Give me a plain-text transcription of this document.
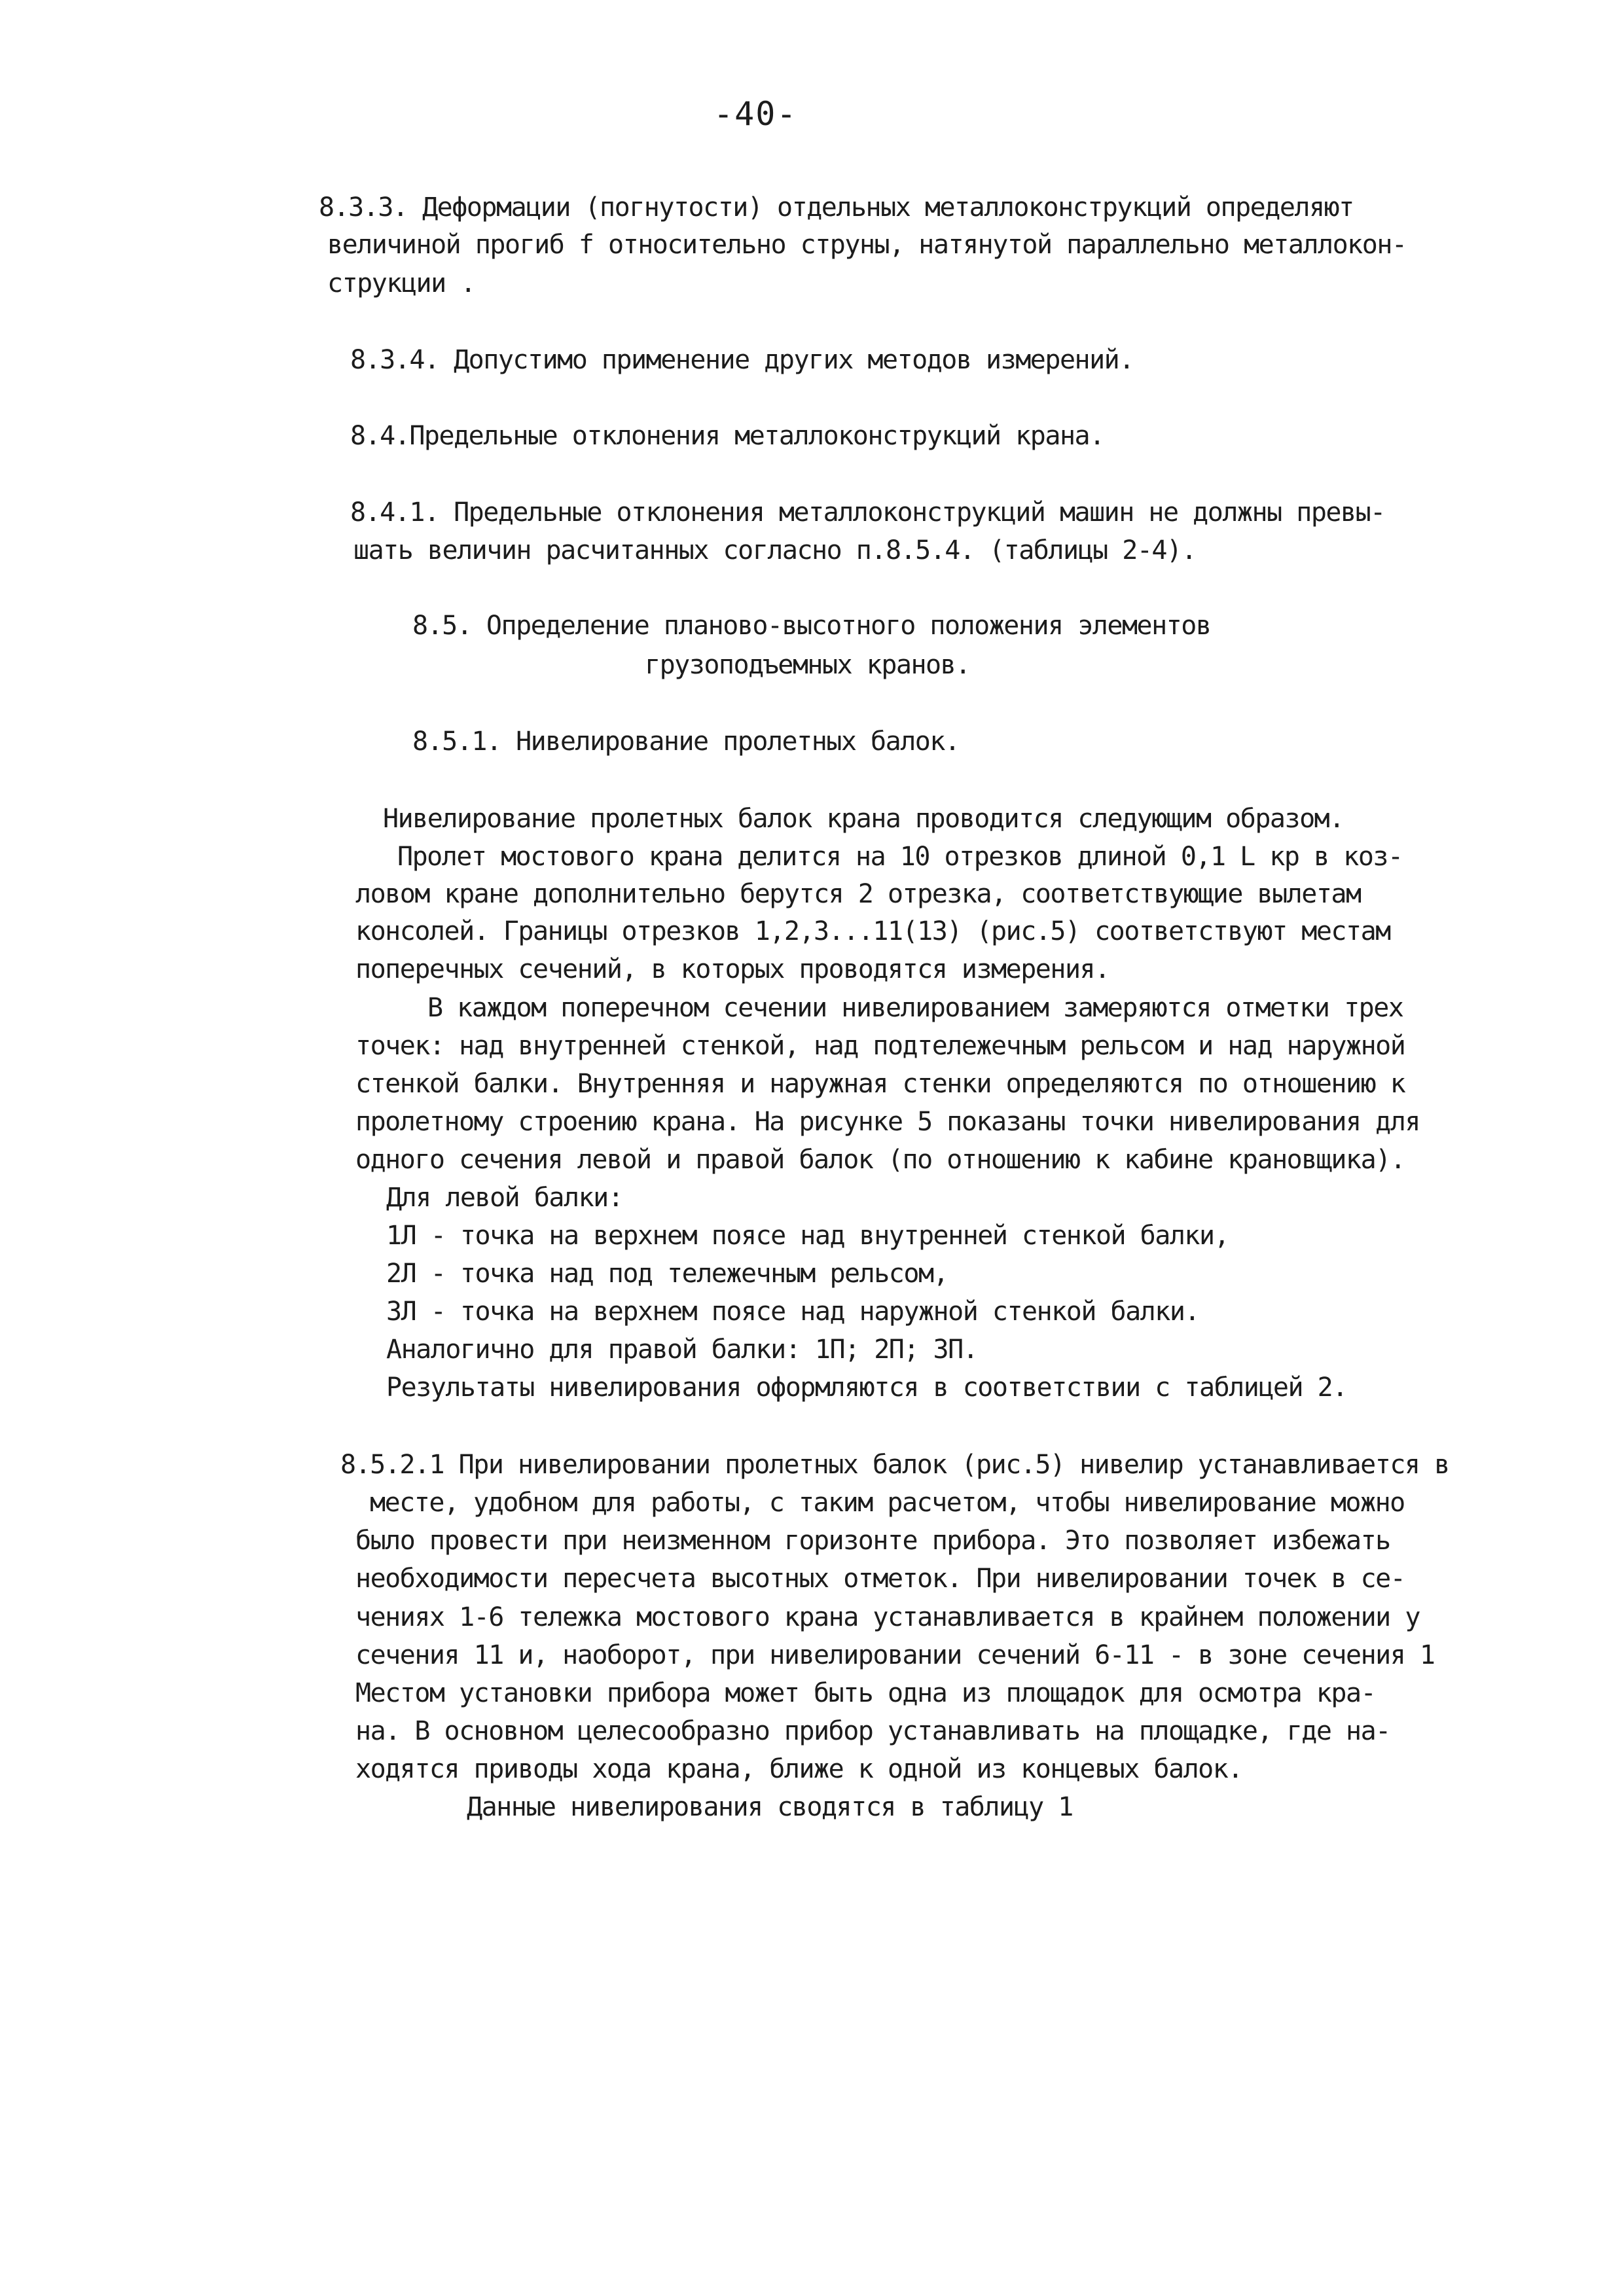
-40-
8.3.3. Деформации (погнутости) отдельных металлоконструкций определяют
величиной прогиб f относительно струны, натянутой параллельно металлокон-
струкции .
8.3.4. Допустимо применение других методов измерений.
8.4.Предельные отклонения металлоконструкций крана.
8.4.1. Предельные отклонения металлоконструкций машин не должны превы-
шать величин расчитанных согласно п.8.5.4. (таблицы 2-4).
8.5. Определение планово-высотного положения элементов
грузоподъемных кранов.
8.5.1. Нивелирование пролетных балок.
Нивелирование пролетных балок крана проводится следующим образом.
Пролет мостового крана делится на 10 отрезков длиной 0,1 L кр в коз-
ловом кране дополнительно берутся 2 отрезка, соответствующие вылетам
консолей. Границы отрезков 1,2,3...11(13) (рис.5) соответствуют местам
поперечных сечений, в которых проводятся измерения.
В каждом поперечном сечении нивелированием замеряются отметки трех
точек: над внутренней стенкой, над подтележечным рельсом и над наружной
стенкой балки. Внутренняя и наружная стенки определяются по отношению к
пролетному строению крана. На рисунке 5 показаны точки нивелирования для
одного сечения левой и правой балок (по отношению к кабине крановщика).
Для левой балки:
1Л - точка на верхнем поясе над внутренней стенкой балки,
2Л - точка над под тележечным рельсом,
3Л - точка на верхнем поясе над наружной стенкой балки.
Аналогично для правой балки: 1П; 2П; 3П.
Результаты нивелирования оформляются в соответствии с таблицей 2.
8.5.2.1 При нивелировании пролетных балок (рис.5) нивелир устанавливается в
месте, удобном для работы, с таким расчетом, чтобы нивелирование можно
было провести при неизменном горизонте прибора. Это позволяет избежать
необходимости пересчета высотных отметок. При нивелировании точек в се-
чениях 1-6 тележка мостового крана устанавливается в крайнем положении у
сечения 11 и, наоборот, при нивелировании сечений 6-11 - в зоне сечения 1
Местом установки прибора может быть одна из площадок для осмотра кра-
на. В основном целесообразно прибор устанавливать на площадке, где на-
ходятся приводы хода крана, ближе к одной из концевых балок.
Данные нивелирования сводятся в таблицу 1
